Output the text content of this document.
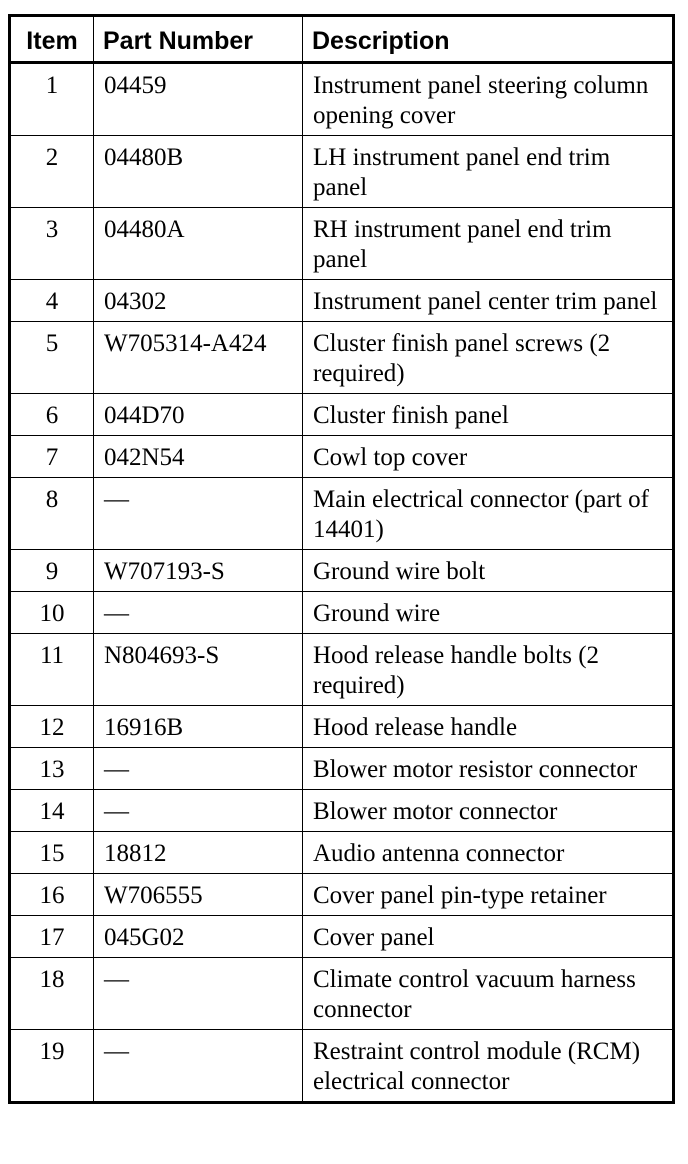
Item	Part Number	Description
1	04459	Instrument panel steering column opening cover
2	04480B	LH instrument panel end trim panel
3	04480A	RH instrument panel end trim panel
4	04302	Instrument panel center trim panel
5	W705314-A424	Cluster finish panel screws (2 required)
6	044D70	Cluster finish panel
7	042N54	Cowl top cover
8	—	Main electrical connector (part of 14401)
9	W707193-S	Ground wire bolt
10	—	Ground wire
11	N804693-S	Hood release handle bolts (2 required)
12	16916B	Hood release handle
13	—	Blower motor resistor connector
14	—	Blower motor connector
15	18812	Audio antenna connector
16	W706555	Cover panel pin-type retainer
17	045G02	Cover panel
18	—	Climate control vacuum harness connector
19	—	Restraint control module (RCM) electrical connector
